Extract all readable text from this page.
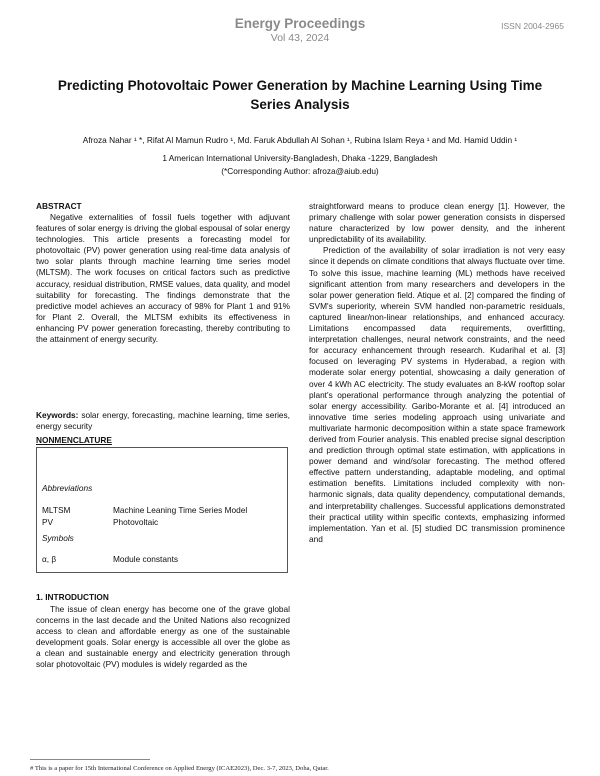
Energy Proceedings
Vol 43, 2024
ISSN 2004-2965
Predicting Photovoltaic Power Generation by Machine Learning Using Time
Series Analysis
Afroza Nahar ¹ *, Rifat Al Mamun Rudro ¹, Md. Faruk Abdullah Al Sohan ¹, Rubina Islam Reya ¹ and Md. Hamid Uddin ¹
1 American International University-Bangladesh, Dhaka -1229, Bangladesh
(*Corresponding Author: afroza@aiub.edu)
ABSTRACT

Negative externalities of fossil fuels together with adjuvant features of solar energy is driving the global espousal of solar energy technologies. This article presents a forecasting model for photovoltaic (PV) power generation using real-time data analysis of two solar plants through machine learning time series model (MLTSM). The work focuses on critical factors such as predictive accuracy, residual distribution, RMSE values, data quality, and model suitability for forecasting. The findings demonstrate that the predictive model achieves an accuracy of 98% for Plant 1 and 91% for Plant 2. Overall, the MLTSM exhibits its effectiveness in enhancing PV power generation forecasting, thereby contributing to the attainment of energy security.

Keywords: solar energy, forecasting, machine learning, time series, energy security

NONMENCLATURE
Abbreviations
MLTSM	Machine Leaning Time Series Model
PV	Photovoltaic
Symbols
α, β	Module constants
1. INTRODUCTION

The issue of clean energy has become one of the grave global concerns in the last decade and the United Nations also recognized access to clean and affordable energy as one of the sustainable development goals. Solar energy is accessible all over the globe as a clean and sustainable energy and electricity generation through solar photovoltaic (PV) modules is widely regarded as the

straightforward means to produce clean energy [1]. However, the primary challenge with solar power generation consists in dispersed nature characterized by low power density, and the inherent unpredictability of its availability.

Prediction of the availability of solar irradiation is not very easy since it depends on climate conditions that always fluctuate over time. To solve this issue, machine learning (ML) methods have received significant attention from many researchers and developers in the solar power generation field. Atique et al. [2] compared the finding of SVM's superiority, wherein SVM handled non-parametric residuals, captured linear/non-linear relationships, and enhanced accuracy. Limitations encompassed data requirements, overfitting, interpretation challenges, neural network constraints, and the need for accuracy enhancement through research. Kudarihal et al. [3] focused on leveraging PV systems in Hyderabad, a region with moderate solar energy potential, showcasing a daily generation of over 4 kWh AC electricity. The study evaluates an 8-kW rooftop solar plant's operational performance through analyzing the potential of solar energy accessibility. Garibo-Morante et al. [4] introduced an innovative time series modeling approach using univariate and multivariate harmonic decomposition within a state space framework derived from Fourier analysis. This enabled precise signal description and prediction through optimal state estimation, with applications in power demand and wind/solar forecasting. The method offered effective pattern understanding, adaptable modeling, and optimal estimation benefits. Limitations included complexity with non-harmonic signals, data quality dependency, computational demands, and interpretability challenges. Successful applications demonstrated their practical utility within specific contexts, emphasizing informed implementation. Yan et al. [5] studied DC transmission prominence and

# This is a paper for 15th International Conference on Applied Energy (ICAE2023), Dec. 3-7, 2023, Doha, Qatar.
